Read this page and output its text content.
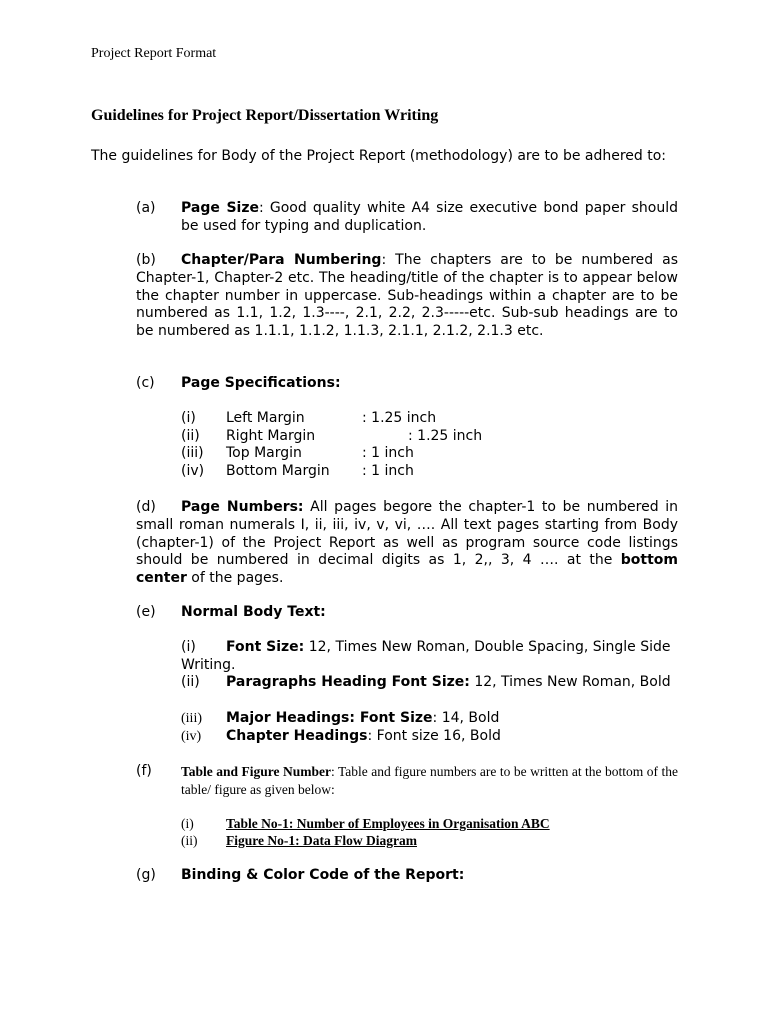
Project Report Format
Guidelines for Project Report/Dissertation Writing
The guidelines for Body of the Project Report (methodology) are to be adhered to:
(a) Page Size: Good quality white A4 size executive bond paper should be used for typing and duplication.
(b)	Chapter/Para Numbering: The chapters are to be numbered as Chapter-1, Chapter-2 etc. The heading/title of the chapter is to appear below the chapter number in uppercase. Sub-headings within a chapter are to be numbered as 1.1, 1.2, 1.3----, 2.1, 2.2, 2.3-----etc. Sub-sub headings are to be numbered as 1.1.1, 1.1.2, 1.1.3, 2.1.1, 2.1.2, 2.1.3 etc.
(c) Page Specifications:
(i) Left Margin	: 1.25 inch
(ii) Right Margin	: 1.25 inch
(iii) Top Margin	: 1 inch
(iv) Bottom Margin : 1 inch
(d)	Page Numbers: All pages begore the chapter-1 to be numbered in small roman numerals I, ii, iii, iv, v, vi, …. All text pages starting from Body (chapter-1) of the Project Report as well as program source code listings should be numbered in decimal digits as 1, 2,, 3, 4 …. at the bottom center of the pages.
(e) Normal Body Text:
(i) Font Size: 12, Times New Roman, Double Spacing, Single Side Writing.
(ii) Paragraphs Heading Font Size: 12, Times New Roman, Bold
(iii) Major Headings: Font Size: 14, Bold
(iv) Chapter Headings: Font size 16, Bold
(f) Table and Figure Number: Table and figure numbers are to be written at the bottom of the table/ figure as given below:
(i) Table No-1: Number of Employees in Organisation ABC
(ii) Figure No-1: Data Flow Diagram
(g) Binding & Color Code of the Report:
